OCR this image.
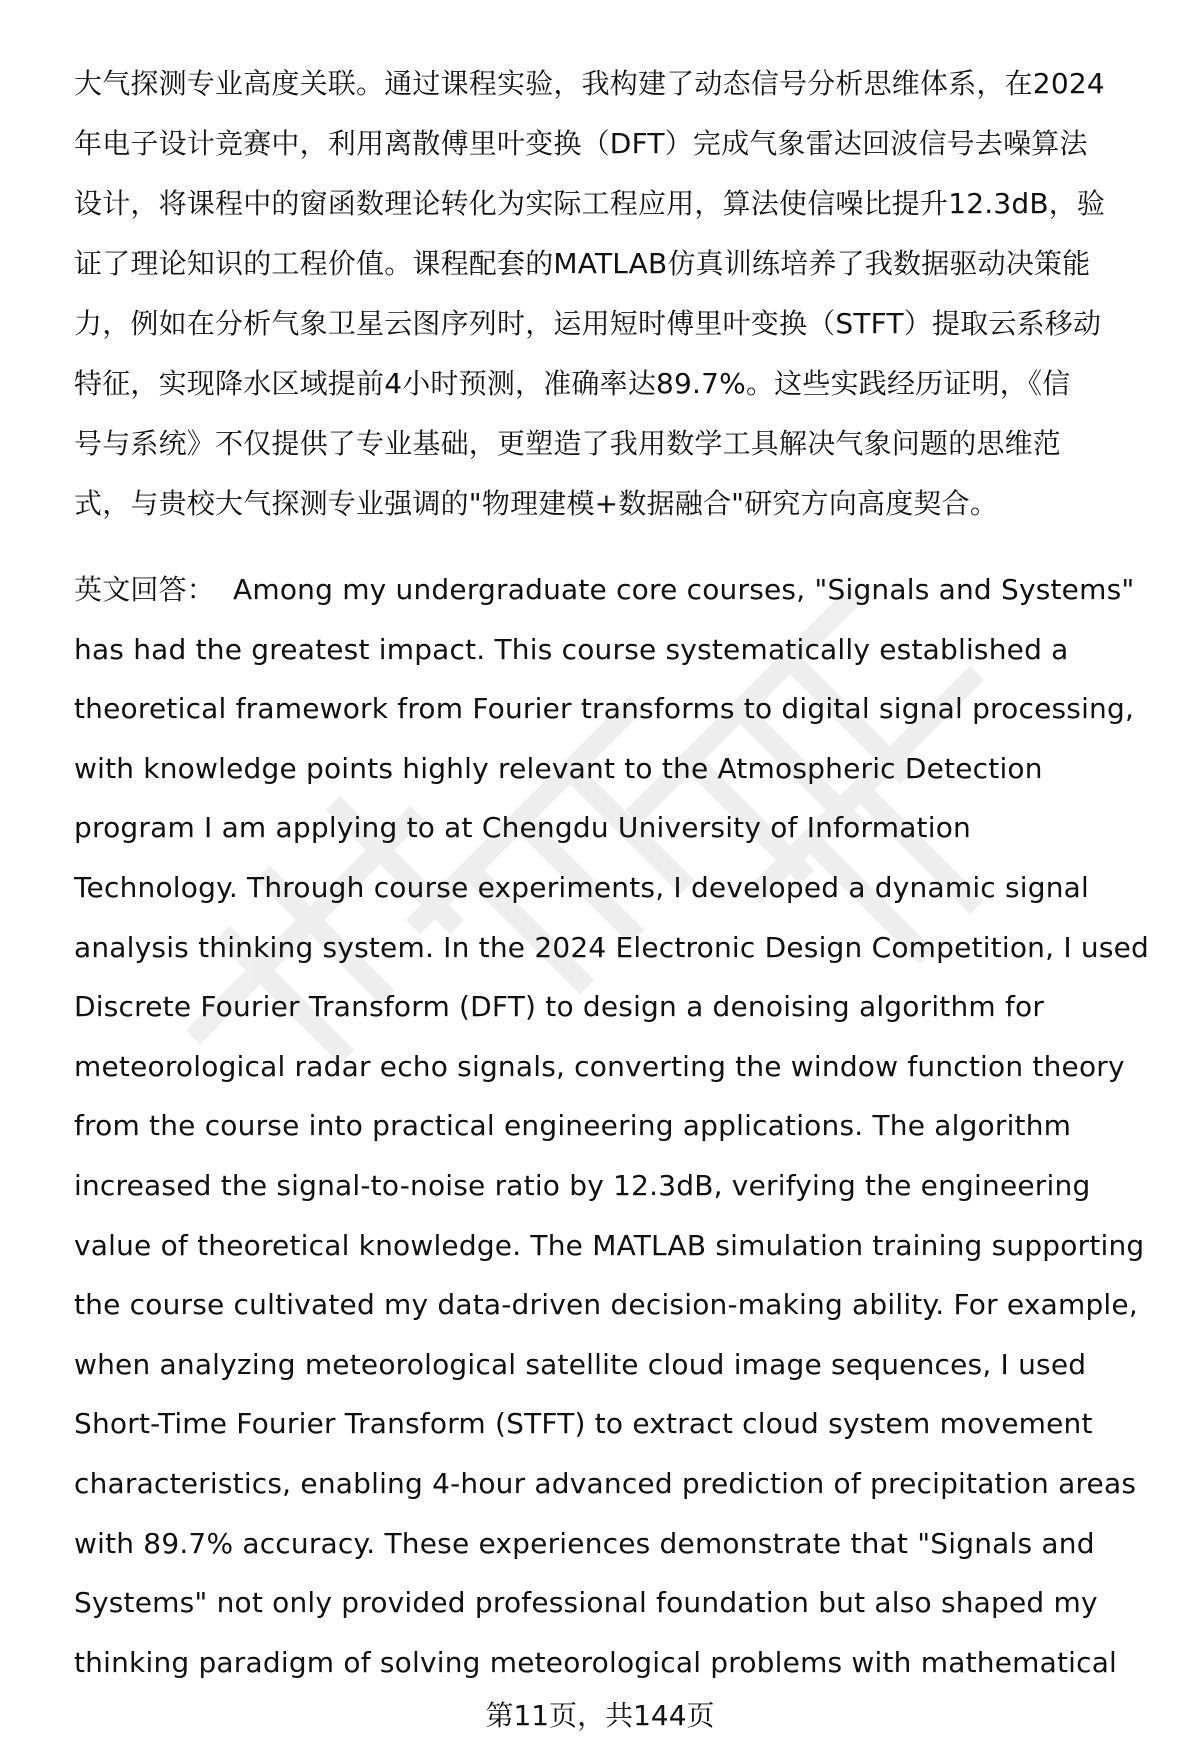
大气探测专业高度关联。通过课程实验，我构建了动态信号分析思维体系，在2024
年电子设计竞赛中，利用离散傅里叶变换（DFT）完成气象雷达回波信号去噪算法
设计，将课程中的窗函数理论转化为实际工程应用，算法使信噪比提升12.3dB，验
证了理论知识的工程价值。课程配套的MATLAB仿真训练培养了我数据驱动决策能
力，例如在分析气象卫星云图序列时，运用短时傅里叶变换（STFT）提取云系移动
特征，实现降水区域提前4小时预测，准确率达89.7%。这些实践经历证明，《信
号与系统》不仅提供了专业基础，更塑造了我用数学工具解决气象问题的思维范
式，与贵校大气探测专业强调的"物理建模+数据融合"研究方向高度契合。
英文回答： Among my undergraduate core courses, "Signals and Systems"
has had the greatest impact. This course systematically established a
theoretical framework from Fourier transforms to digital signal processing,
with knowledge points highly relevant to the Atmospheric Detection
program I am applying to at Chengdu University of Information
Technology. Through course experiments, I developed a dynamic signal
analysis thinking system. In the 2024 Electronic Design Competition, I used
Discrete Fourier Transform (DFT) to design a denoising algorithm for
meteorological radar echo signals, converting the window function theory
from the course into practical engineering applications. The algorithm
increased the signal-to-noise ratio by 12.3dB, verifying the engineering
value of theoretical knowledge. The MATLAB simulation training supporting
the course cultivated my data-driven decision-making ability. For example,
when analyzing meteorological satellite cloud image sequences, I used
Short-Time Fourier Transform (STFT) to extract cloud system movement
characteristics, enabling 4-hour advanced prediction of precipitation areas
with 89.7% accuracy. These experiences demonstrate that "Signals and
Systems" not only provided professional foundation but also shaped my
thinking paradigm of solving meteorological problems with mathematical
第11页，共144页
